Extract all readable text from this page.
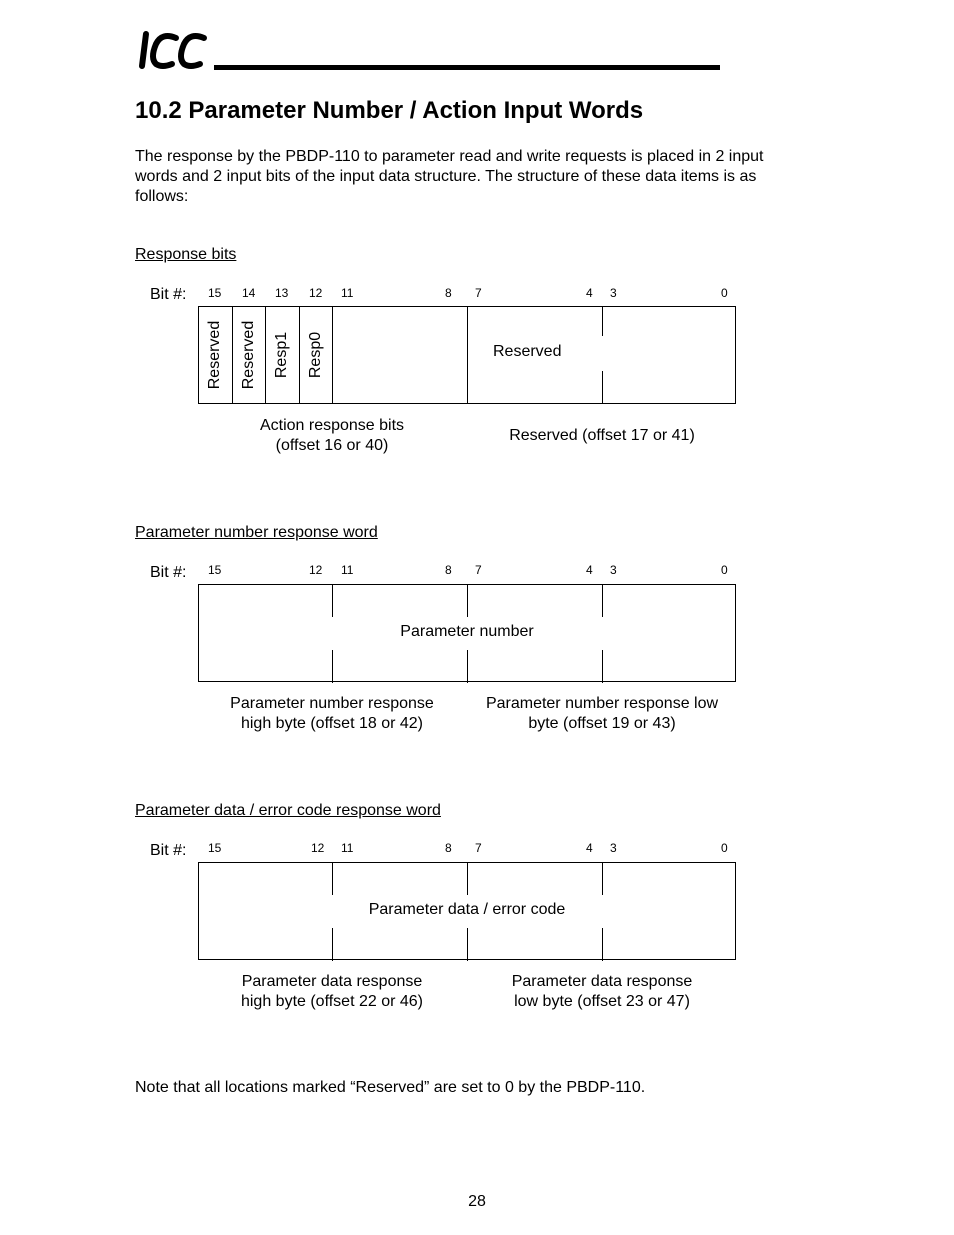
10.2 Parameter Number / Action Input Words

The response by the PBDP-110 to parameter read and write requests is placed in 2 input words and 2 input bits of the input data structure. The structure of these data items is as follows:

Response bits
Bit #: 15 14 13 12 11	8 7	4 3	0
Reserved Reserved Resp1 Resp0	Reserved
Action response bits
(offset 16 or 40)
Reserved (offset 17 or 41)
Parameter number response word
Bit #: 15	12 11	8 7	4 3	0
Parameter number
Parameter number response
high byte (offset 18 or 42)
Parameter number response low
byte (offset 19 or 43)
Parameter data / error code response word
Bit #: 15	12 11	8 7	4 3	0
Parameter data / error code
Parameter data response
high byte (offset 22 or 46)
Parameter data response
low byte (offset 23 or 47)
Note that all locations marked “Reserved” are set to 0 by the PBDP-110.
28
